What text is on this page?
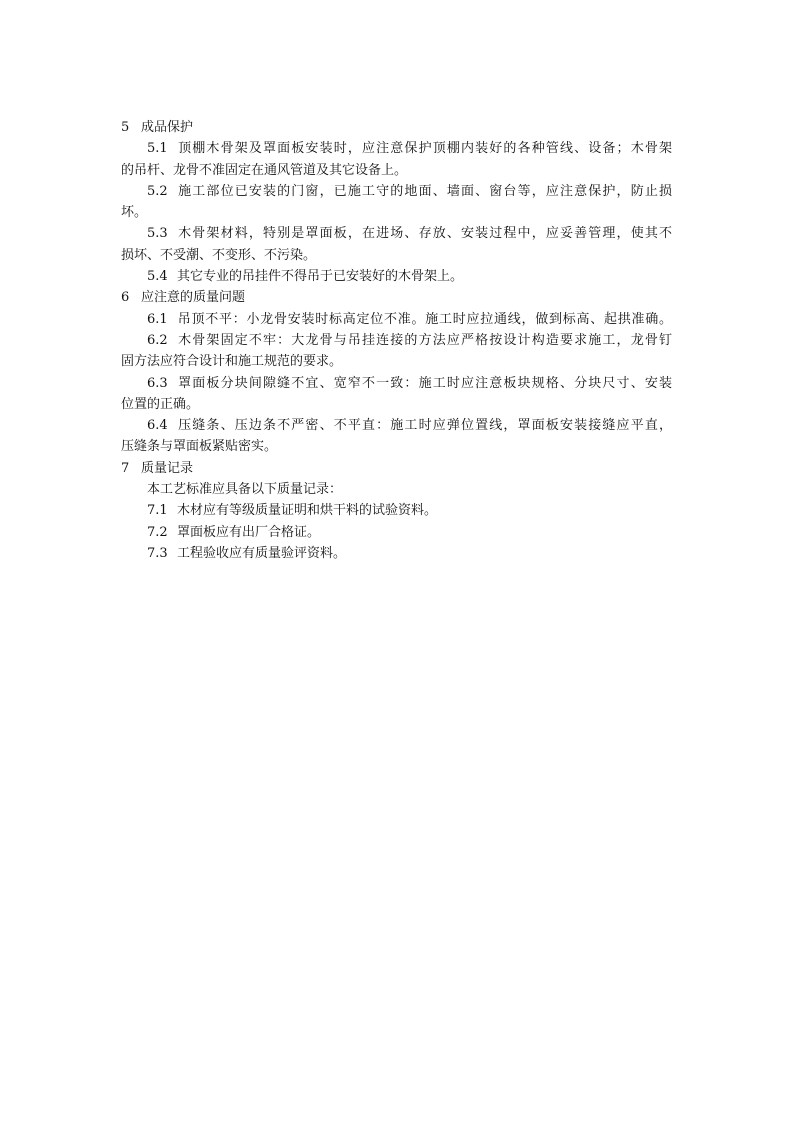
5 成品保护
5.1 顶棚木骨架及罩面板安装时，应注意保护顶棚内装好的各种管线、设备；木骨架
的吊杆、龙骨不准固定在通风管道及其它设备上。
5.2 施工部位已安装的门窗，已施工守的地面、墙面、窗台等，应注意保护，防止损
坏。
5.3 木骨架材料，特别是罩面板，在进场、存放、安装过程中，应妥善管理，使其不
损坏、不受潮、不变形、不污染。
5.4 其它专业的吊挂件不得吊于已安装好的木骨架上。
6 应注意的质量问题
6.1 吊顶不平：小龙骨安装时标高定位不准。施工时应拉通线，做到标高、起拱准确。
6.2 木骨架固定不牢：大龙骨与吊挂连接的方法应严格按设计构造要求施工，龙骨钉
固方法应符合设计和施工规范的要求。
6.3 罩面板分块间隙缝不宜、宽窄不一致：施工时应注意板块规格、分块尺寸、安装
位置的正确。
6.4 压缝条、压边条不严密、不平直：施工时应弹位置线，罩面板安装接缝应平直，
压缝条与罩面板紧贴密实。
7 质量记录
本工艺标准应具备以下质量记录：
7.1 木材应有等级质量证明和烘干料的试验资料。
7.2 罩面板应有出厂合格证。
7.3 工程验收应有质量验评资料。
